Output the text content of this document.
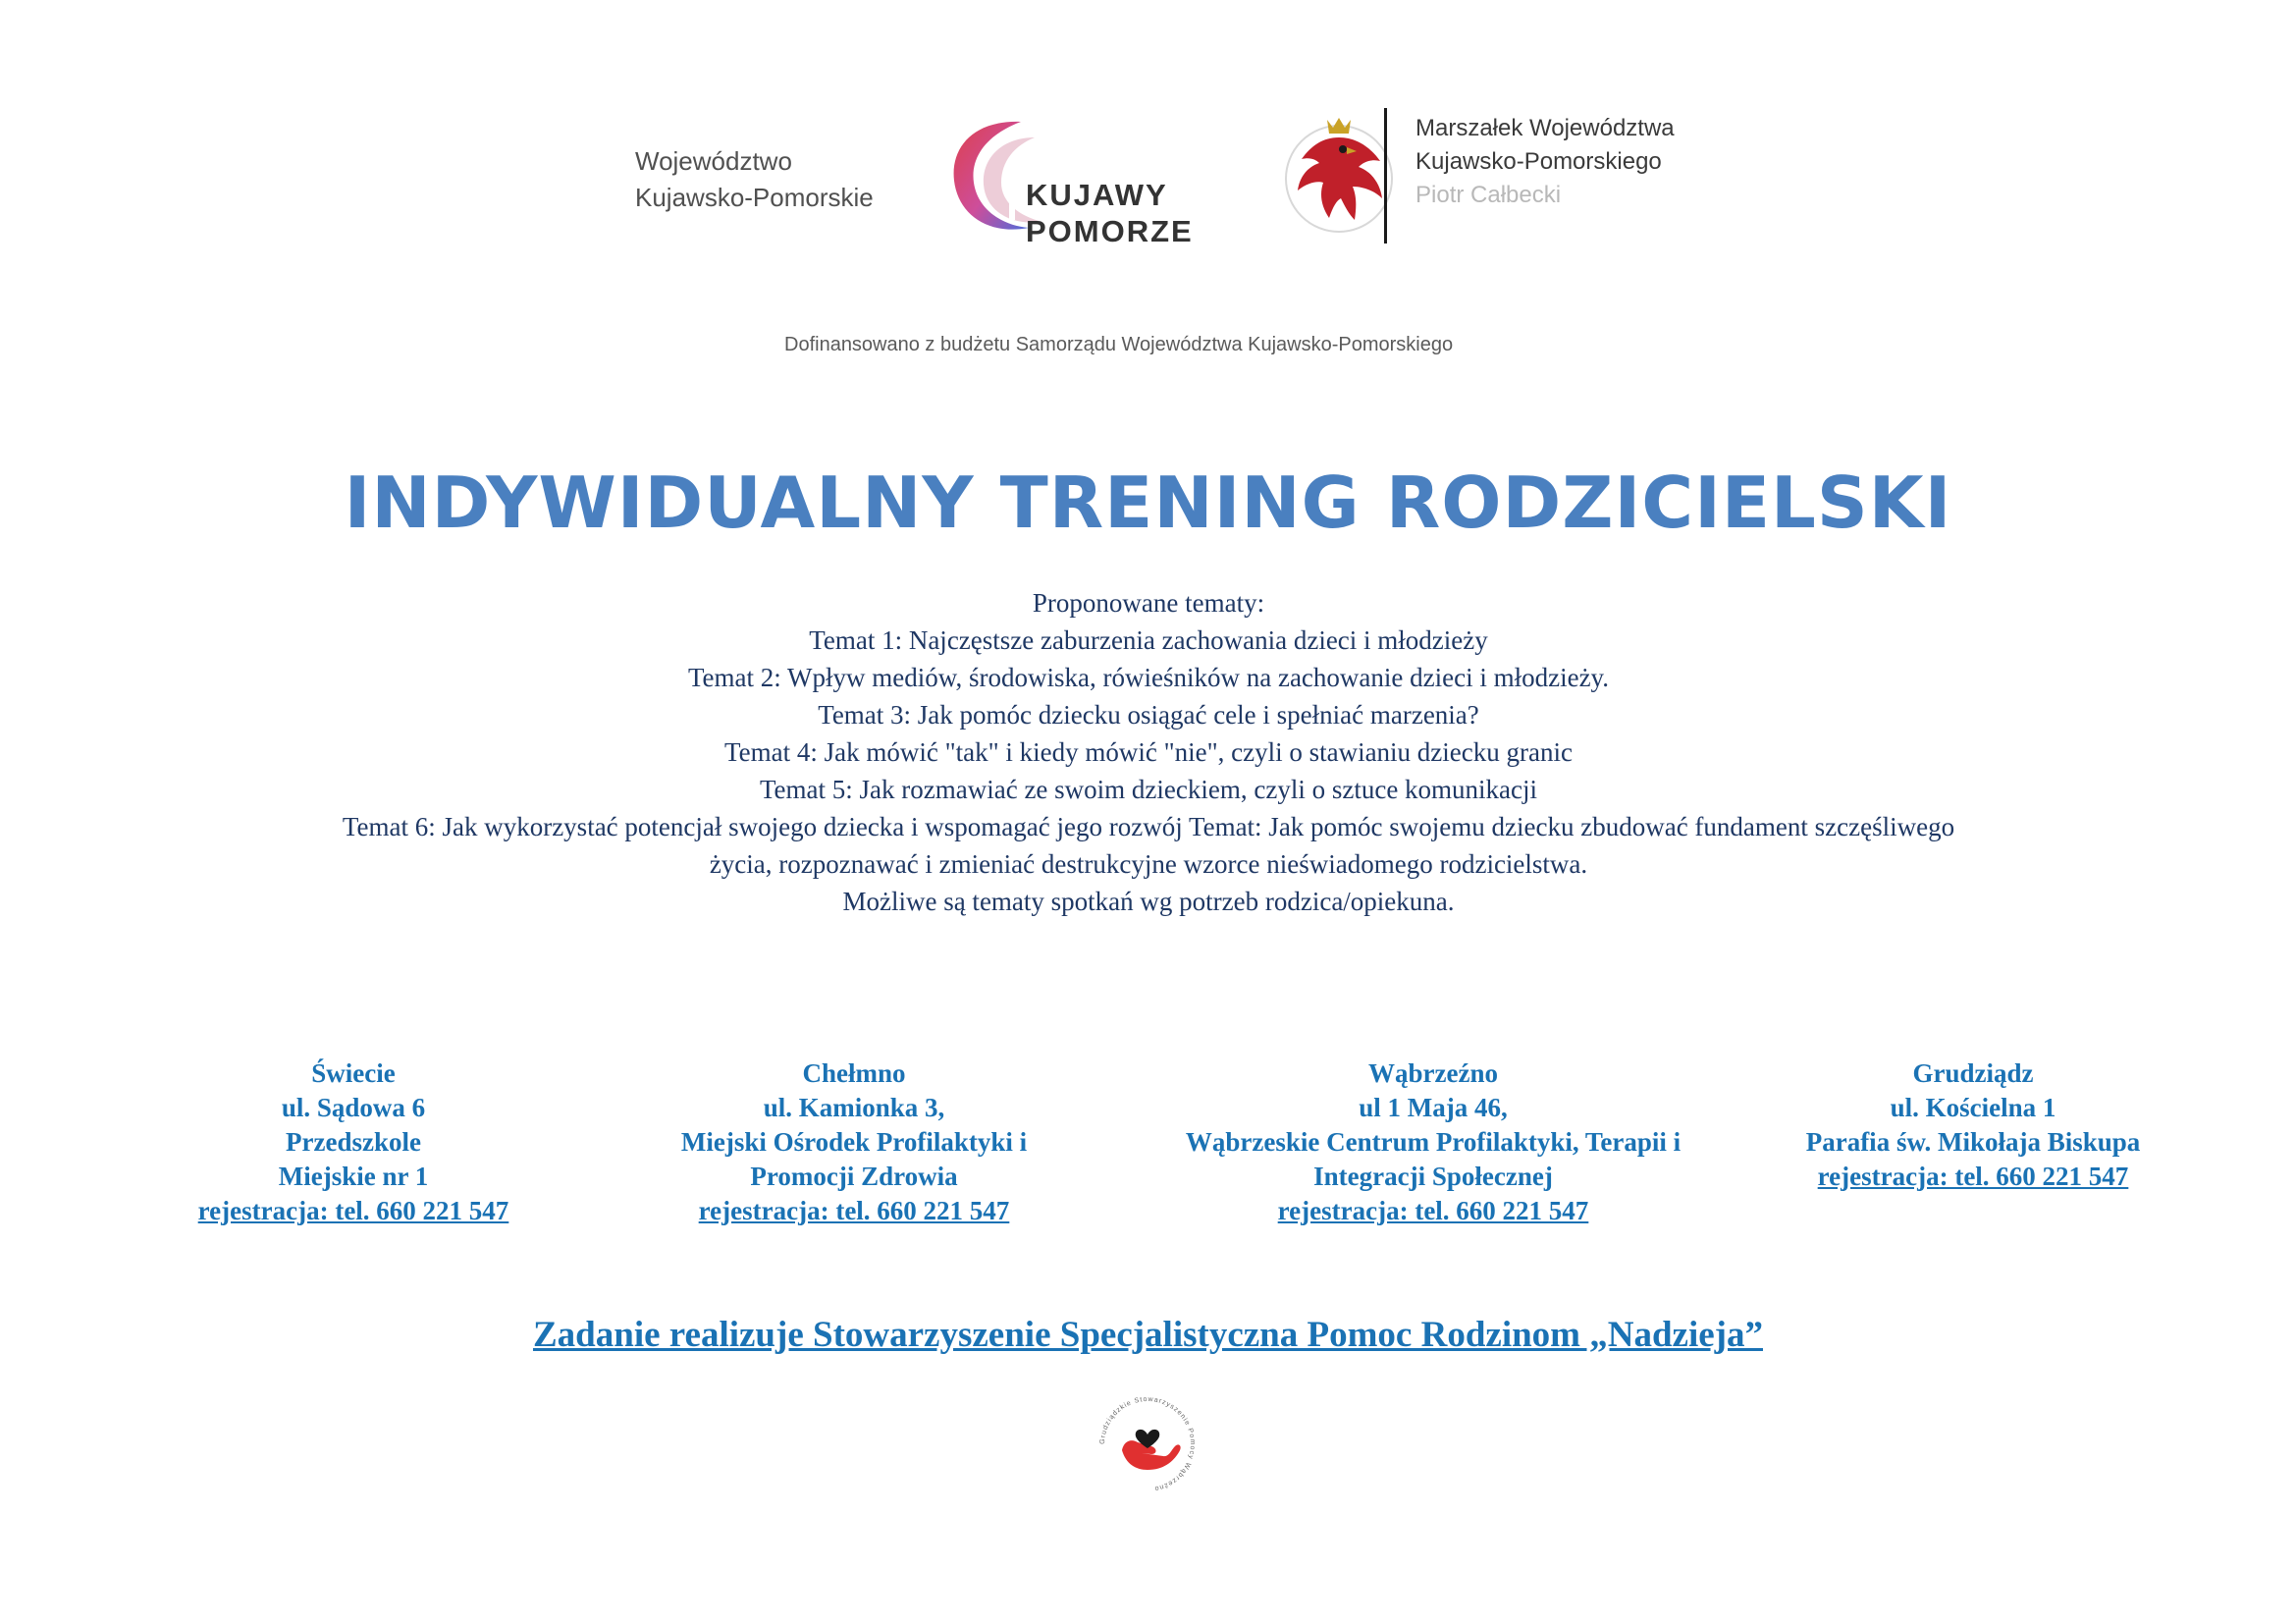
Województwo
Kujawsko-Pomorskie	KUJAWY
POMORZE
Marszałek Województwa
Kujawsko-Pomorskiego
Piotr Całbecki
Dofinansowano z budżetu Samorządu Województwa Kujawsko-Pomorskiego
INDYWIDUALNY TRENING RODZICIELSKI
Proponowane tematy:
Temat 1: Najczęstsze zaburzenia zachowania dzieci i młodzieży
Temat 2: Wpływ mediów, środowiska, rówieśników na zachowanie dzieci i młodzieży.
Temat 3: Jak pomóc dziecku osiągać cele i spełniać marzenia?
Temat 4: Jak mówić "tak" i kiedy mówić "nie", czyli o stawianiu dziecku granic
Temat 5: Jak rozmawiać ze swoim dzieckiem, czyli o sztuce komunikacji
Temat 6: Jak wykorzystać potencjał swojego dziecka i wspomagać jego rozwój Temat: Jak pomóc swojemu dziecku zbudować fundament szczęśliwego
życia, rozpoznawać i zmieniać destrukcyjne wzorce nieświadomego rodzicielstwa.
Możliwe są tematy spotkań wg potrzeb rodzica/opiekuna.
Świecie
ul. Sądowa 6
Przedszkole
Miejskie nr 1
rejestracja: tel. 660 221 547
Chełmno
ul. Kamionka 3,
Miejski Ośrodek Profilaktyki i
Promocji Zdrowia
rejestracja: tel. 660 221 547
Wąbrzeźno
ul 1 Maja 46,
Wąbrzeskie Centrum Profilaktyki, Terapii i
Integracji Społecznej
rejestracja: tel. 660 221 547
Grudziądz
ul. Kościelna 1
Parafia św. Mikołaja Biskupa
rejestracja: tel. 660 221 547
Zadanie realizuje Stowarzyszenie Specjalistyczna Pomoc Rodzinom „Nadzieja”
Grudziądzkie Stowarzyszenie Pomocy Wąbrzeźno
